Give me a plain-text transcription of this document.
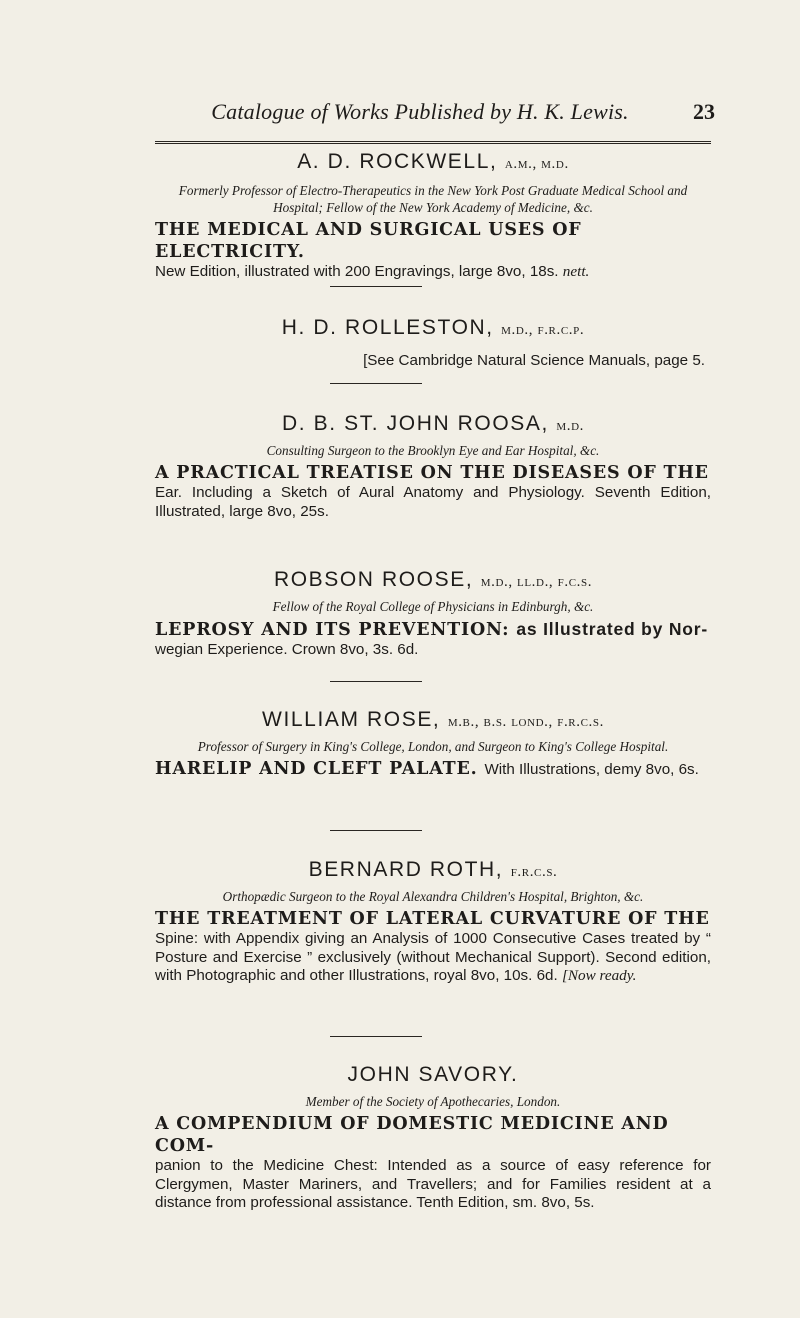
Catalogue of Works Published by H. K. Lewis.	23
A. D. ROCKWELL, a.m., m.d.
Formerly Professor of Electro-Therapeutics in the New York Post Graduate Medical School and Hospital; Fellow of the New York Academy of Medicine, &c.
THE MEDICAL AND SURGICAL USES OF ELECTRICITY.
New Edition, illustrated with 200 Engravings, large 8vo, 18s. nett.
H. D. ROLLESTON, m.d., f.r.c.p.
[See Cambridge Natural Science Manuals, page 5.
D. B. ST. JOHN ROOSA, m.d.
Consulting Surgeon to the Brooklyn Eye and Ear Hospital, &c.
A PRACTICAL TREATISE ON THE DISEASES OF THE
Ear. Including a Sketch of Aural Anatomy and Physiology. Seventh Edition, Illustrated, large 8vo, 25s.
ROBSON ROOSE, m.d., ll.d., f.c.s.
Fellow of the Royal College of Physicians in Edinburgh, &c.
LEPROSY AND ITS PREVENTION: as Illustrated by Nor-
wegian Experience. Crown 8vo, 3s. 6d.
WILLIAM ROSE, m.b., b.s. lond., f.r.c.s.
Professor of Surgery in King's College, London, and Surgeon to King's College Hospital.
HARELIP AND CLEFT PALATE. With Illustrations, demy 8vo, 6s.
BERNARD ROTH, f.r.c.s.
Orthopædic Surgeon to the Royal Alexandra Children's Hospital, Brighton, &c.
THE TREATMENT OF LATERAL CURVATURE OF THE
Spine: with Appendix giving an Analysis of 1000 Consecutive Cases treated by “ Posture and Exercise ” exclusively (without Mechanical Support). Second edition, with Photographic and other Illustrations, royal 8vo, 10s. 6d. [Now ready.
JOHN SAVORY.
Member of the Society of Apothecaries, London.
A COMPENDIUM OF DOMESTIC MEDICINE AND COM-
panion to the Medicine Chest: Intended as a source of easy reference for Clergymen, Master Mariners, and Travellers; and for Families resident at a distance from professional assistance. Tenth Edition, sm. 8vo, 5s.
